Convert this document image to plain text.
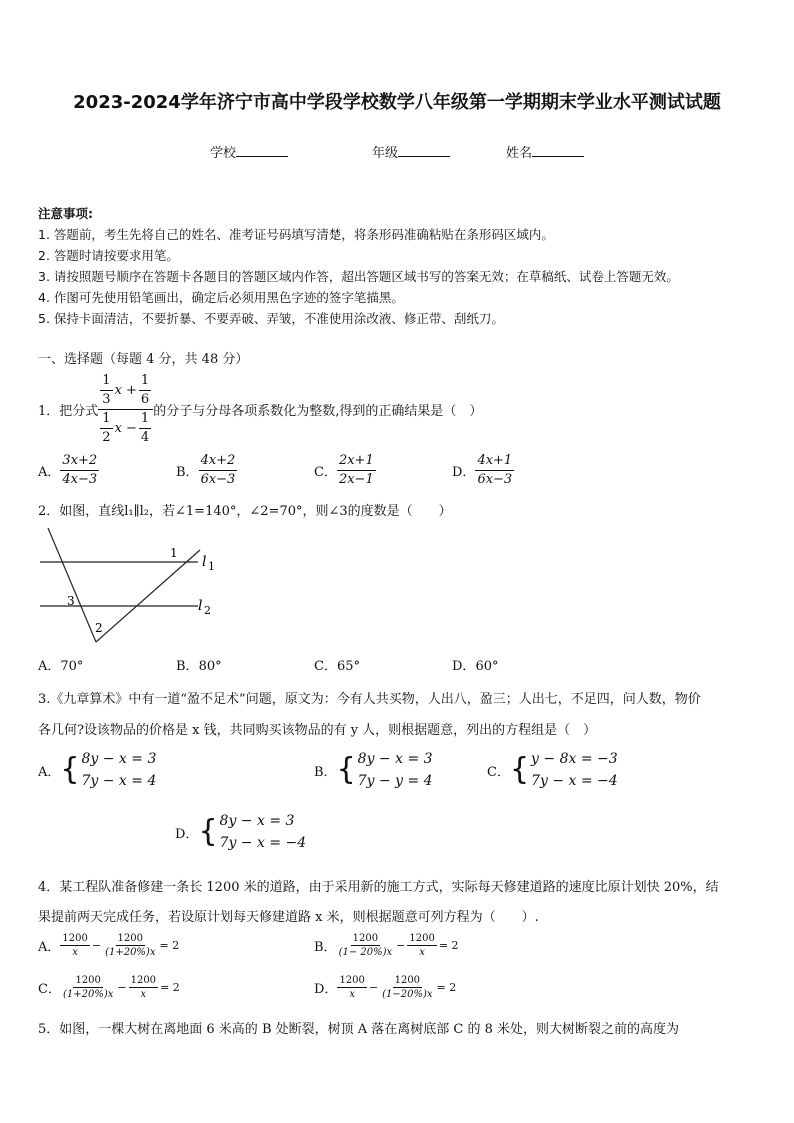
2023-2024学年济宁市高中学段学校数学八年级第一学期期末学业水平测试试题
学校	年级	姓名
注意事项:
1. 答题前，考生先将自己的姓名、准考证号码填写清楚，将条形码准确粘贴在条形码区域内。
2. 答题时请按要求用笔。
3. 请按照题号顺序在答题卡各题目的答题区域内作答，超出答题区域书写的答案无效；在草稿纸、试卷上答题无效。
4. 作图可先使用铅笔画出，确定后必须用黑色字迹的签字笔描黑。
5. 保持卡面清洁，不要折暴、不要弄破、弄皱，不准使用涂改液、修正带、刮纸刀。
一、选择题（每题 4 分，共 48 分）
1．把分式 $\frac{\frac{1}{3} x + \frac{1}{6}}{\frac{1}{2} x - \frac{1}{4}}$ 的分子与分母各项系数化为整数,得到的正确结果是（　）
A． $\frac{3x+2}{4x-3}$	B． $\frac{4x+2}{6x-3}$	C． $\frac{2x+1}{2x-1}$	D． $\frac{4x+1}{6x-3}$
2．如图，直线l₁∥l₂，若∠1=140°，∠2=70°，则∠3的度数是（　　）
1
2
3
l 1
l 2
A．70°	B．80°	C．65°	D．60°
3.《九章算术》中有一道“盈不足术”问题，原文为：今有人共买物，人出八，盈三；人出七，不足四，问人数，物价
各几何?设该物品的价格是 x 钱，共同购买该物品的有 y 人，则根据题意，列出的方程组是（　）
A． { 8y − x = 3
7y − x = 4
B． { 8y − x = 3
7y − y = 4
C． { y − 8x = −3
7y − x = −4
D． { 8y − x = 3
7y − x = −4
4．某工程队准备修建一条长 1200 米的道路，由于采用新的施工方式，实际每天修建道路的速度比原计划快 20%，结
果提前两天完成任务，若设原计划每天修建道路 x 米，则根据题意可列方程为（　　）.
A． $\frac{1200}{x} - \frac{1200}{(1+20\%)x} = 2$	B． $\frac{1200}{(1- 20\%)x} - \frac{1200}{x} = 2$
C． $\frac{1200}{(1+20\%)x} - \frac{1200}{x} = 2$	D． $\frac{1200}{x} - \frac{1200}{(1-20\%)x} = 2$
5．如图，一棵大树在离地面 6 米高的 B 处断裂，树顶 A 落在离树底部 C 的 8 米处，则大树断裂之前的高度为
